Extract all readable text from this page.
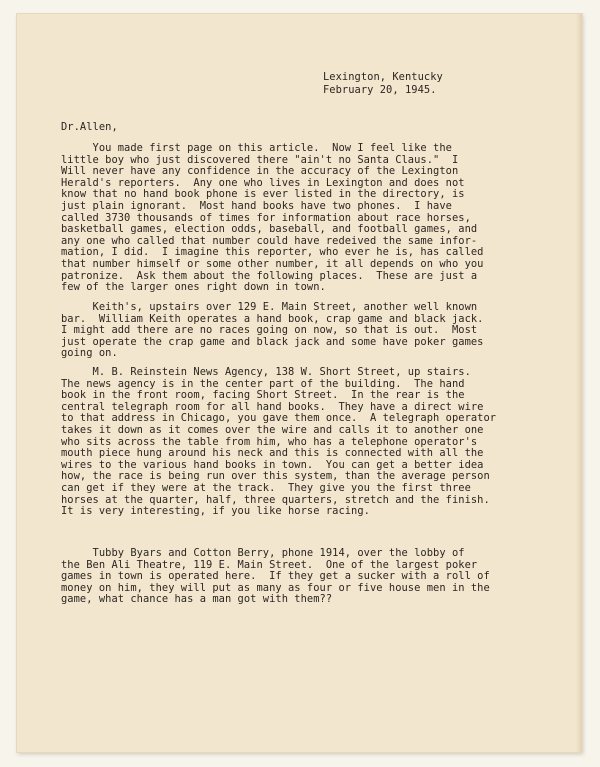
Lexington, Kentucky
February 20, 1945.
Dr.Allen,
You made first page on this article.  Now I feel like the
little boy who just discovered there "ain't no Santa Claus."  I
Will never have any confidence in the accuracy of the Lexington
Herald's reporters.  Any one who lives in Lexington and does not
know that no hand book phone is ever listed in the directory, is
just plain ignorant.  Most hand books have two phones.  I have
called 3730 thousands of times for information about race horses,
basketball games, election odds, baseball, and football games, and
any one who called that number could have redeived the same infor-
mation, I did.  I imagine this reporter, who ever he is, has called
that number himself or some other number, it all depends on who you
patronize.  Ask them about the following places.  These are just a
few of the larger ones right down in town.
Keith's, upstairs over 129 E. Main Street, another well known
bar.  William Keith operates a hand book, crap game and black jack.
I might add there are no races going on now, so that is out.  Most
just operate the crap game and black jack and some have poker games
going on.
M. B. Reinstein News Agency, 138 W. Short Street, up stairs.
The news agency is in the center part of the building.  The hand
book in the front room, facing Short Street.  In the rear is the
central telegraph room for all hand books.  They have a direct wire
to that address in Chicago, you gave them once.  A telegraph operator
takes it down as it comes over the wire and calls it to another one
who sits across the table from him, who has a telephone operator's
mouth piece hung around his neck and this is connected with all the
wires to the various hand books in town.  You can get a better idea
how, the race is being run over this system, than the average person
can get if they were at the track.  They give you the first three
horses at the quarter, half, three quarters, stretch and the finish.
It is very interesting, if you like horse racing.
Tubby Byars and Cotton Berry, phone 1914, over the lobby of
the Ben Ali Theatre, 119 E. Main Street.  One of the largest poker
games in town is operated here.  If they get a sucker with a roll of
money on him, they will put as many as four or five house men in the
game, what chance has a man got with them??
